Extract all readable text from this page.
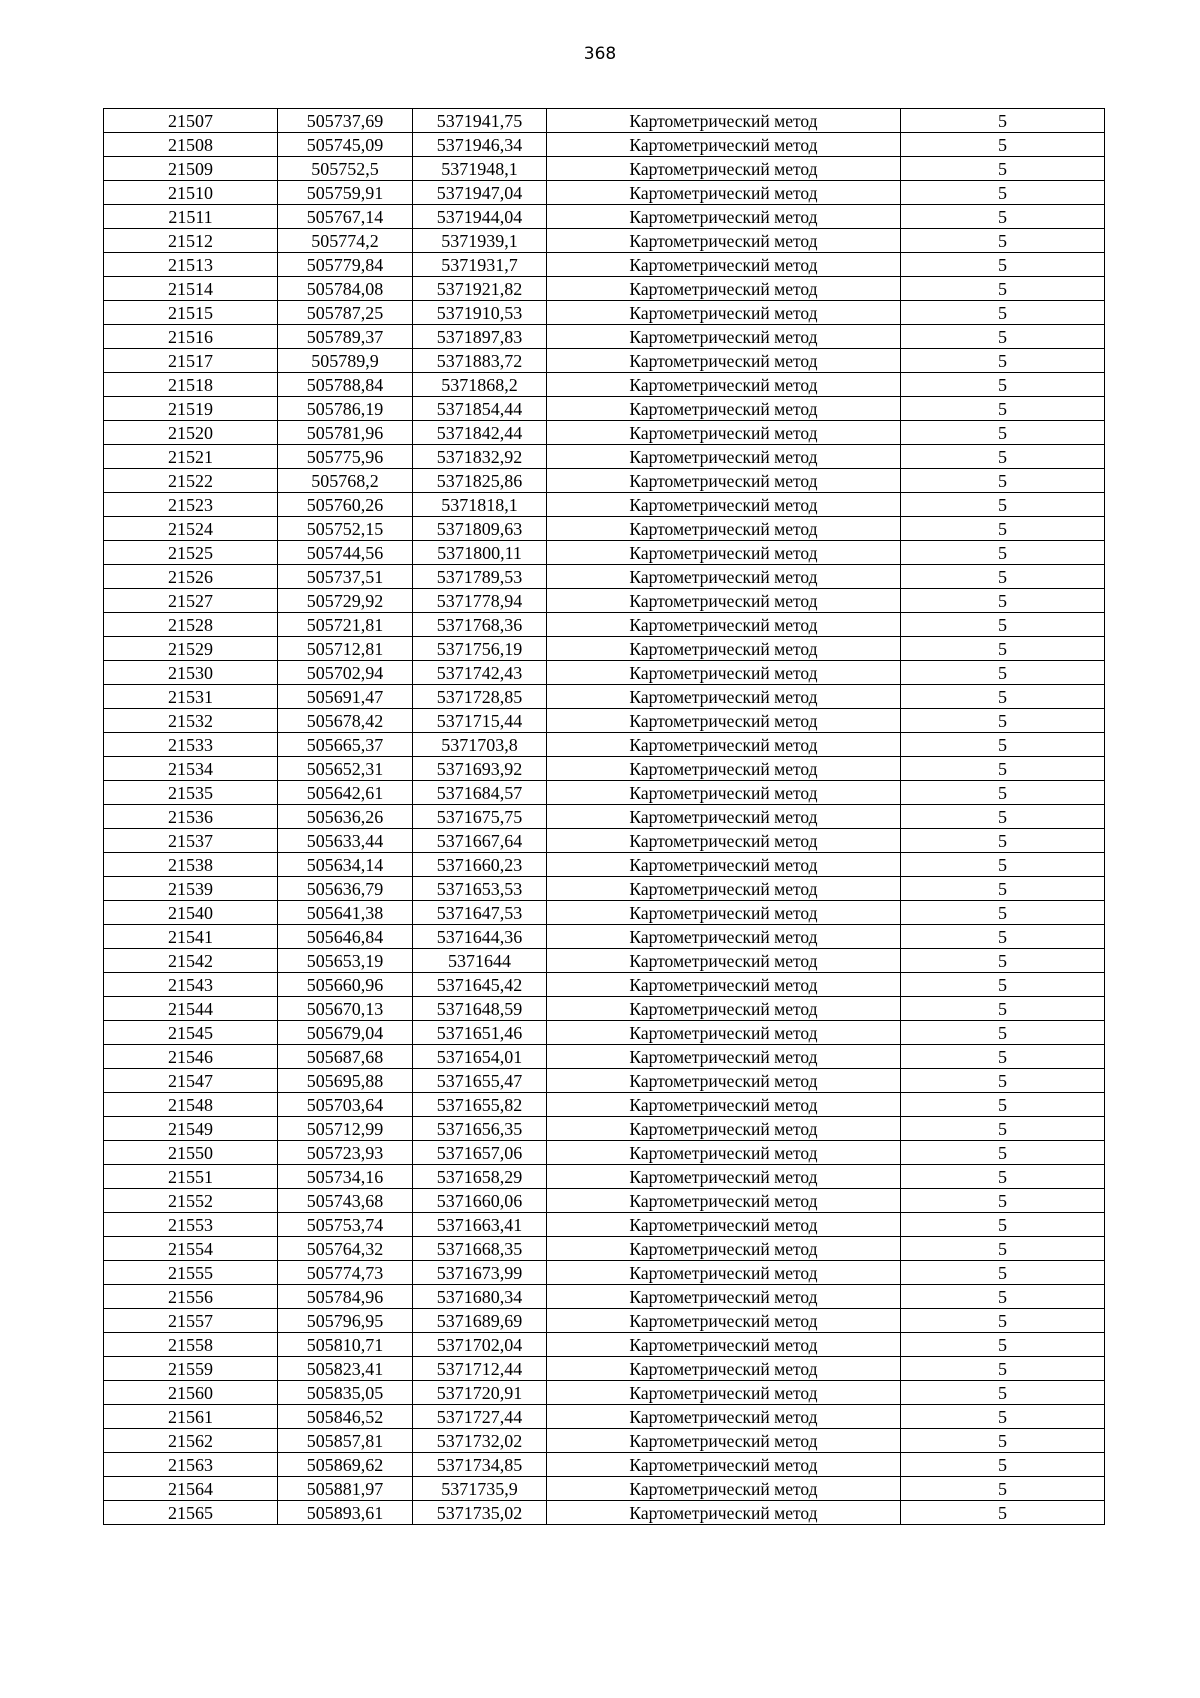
368
21507	505737,69	5371941,75	Картометрический метод	5
21508	505745,09	5371946,34	Картометрический метод	5
21509	505752,5	5371948,1	Картометрический метод	5
21510	505759,91	5371947,04	Картометрический метод	5
21511	505767,14	5371944,04	Картометрический метод	5
21512	505774,2	5371939,1	Картометрический метод	5
21513	505779,84	5371931,7	Картометрический метод	5
21514	505784,08	5371921,82	Картометрический метод	5
21515	505787,25	5371910,53	Картометрический метод	5
21516	505789,37	5371897,83	Картометрический метод	5
21517	505789,9	5371883,72	Картометрический метод	5
21518	505788,84	5371868,2	Картометрический метод	5
21519	505786,19	5371854,44	Картометрический метод	5
21520	505781,96	5371842,44	Картометрический метод	5
21521	505775,96	5371832,92	Картометрический метод	5
21522	505768,2	5371825,86	Картометрический метод	5
21523	505760,26	5371818,1	Картометрический метод	5
21524	505752,15	5371809,63	Картометрический метод	5
21525	505744,56	5371800,11	Картометрический метод	5
21526	505737,51	5371789,53	Картометрический метод	5
21527	505729,92	5371778,94	Картометрический метод	5
21528	505721,81	5371768,36	Картометрический метод	5
21529	505712,81	5371756,19	Картометрический метод	5
21530	505702,94	5371742,43	Картометрический метод	5
21531	505691,47	5371728,85	Картометрический метод	5
21532	505678,42	5371715,44	Картометрический метод	5
21533	505665,37	5371703,8	Картометрический метод	5
21534	505652,31	5371693,92	Картометрический метод	5
21535	505642,61	5371684,57	Картометрический метод	5
21536	505636,26	5371675,75	Картометрический метод	5
21537	505633,44	5371667,64	Картометрический метод	5
21538	505634,14	5371660,23	Картометрический метод	5
21539	505636,79	5371653,53	Картометрический метод	5
21540	505641,38	5371647,53	Картометрический метод	5
21541	505646,84	5371644,36	Картометрический метод	5
21542	505653,19	5371644	Картометрический метод	5
21543	505660,96	5371645,42	Картометрический метод	5
21544	505670,13	5371648,59	Картометрический метод	5
21545	505679,04	5371651,46	Картометрический метод	5
21546	505687,68	5371654,01	Картометрический метод	5
21547	505695,88	5371655,47	Картометрический метод	5
21548	505703,64	5371655,82	Картометрический метод	5
21549	505712,99	5371656,35	Картометрический метод	5
21550	505723,93	5371657,06	Картометрический метод	5
21551	505734,16	5371658,29	Картометрический метод	5
21552	505743,68	5371660,06	Картометрический метод	5
21553	505753,74	5371663,41	Картометрический метод	5
21554	505764,32	5371668,35	Картометрический метод	5
21555	505774,73	5371673,99	Картометрический метод	5
21556	505784,96	5371680,34	Картометрический метод	5
21557	505796,95	5371689,69	Картометрический метод	5
21558	505810,71	5371702,04	Картометрический метод	5
21559	505823,41	5371712,44	Картометрический метод	5
21560	505835,05	5371720,91	Картометрический метод	5
21561	505846,52	5371727,44	Картометрический метод	5
21562	505857,81	5371732,02	Картометрический метод	5
21563	505869,62	5371734,85	Картометрический метод	5
21564	505881,97	5371735,9	Картометрический метод	5
21565	505893,61	5371735,02	Картометрический метод	5
